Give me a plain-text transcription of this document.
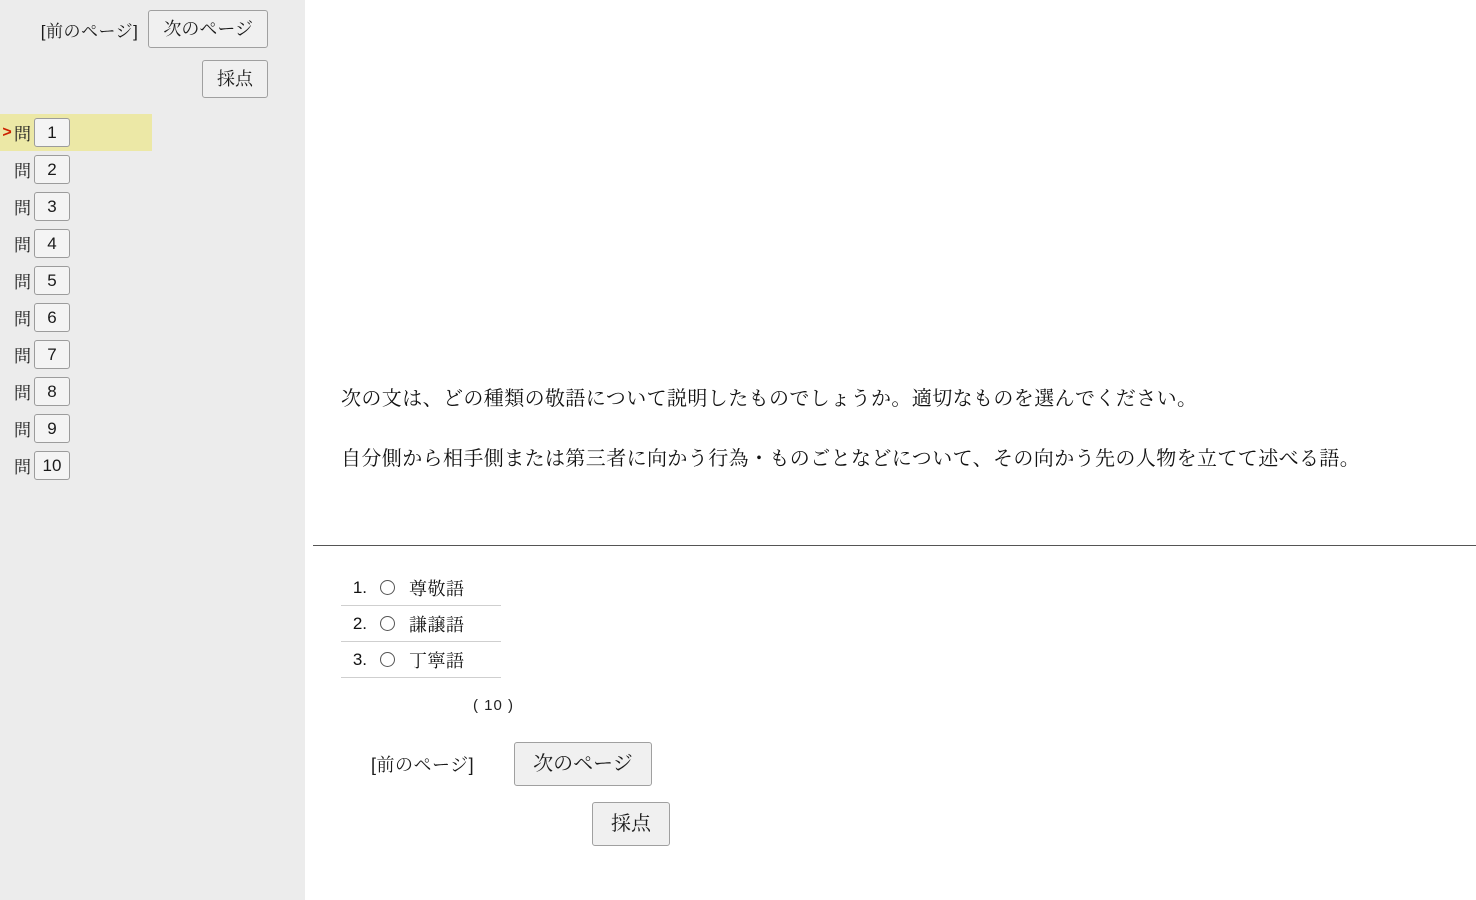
[前のページ]	次のページ
採点
> 問 1
問 2
問 3
問 4
問 5
問 6
問 7
問 8
問 9
問 10
次の文は、どの種類の敬語について説明したものでしょうか。適切なものを選んでください。
自分側から相手側または第三者に向かう行為・ものごとなどについて、その向かう先の人物を立てて述べる語。
1. 尊敬語
2. 謙譲語
3. 丁寧語
( 10 )
[前のページ]	次のページ
採点
